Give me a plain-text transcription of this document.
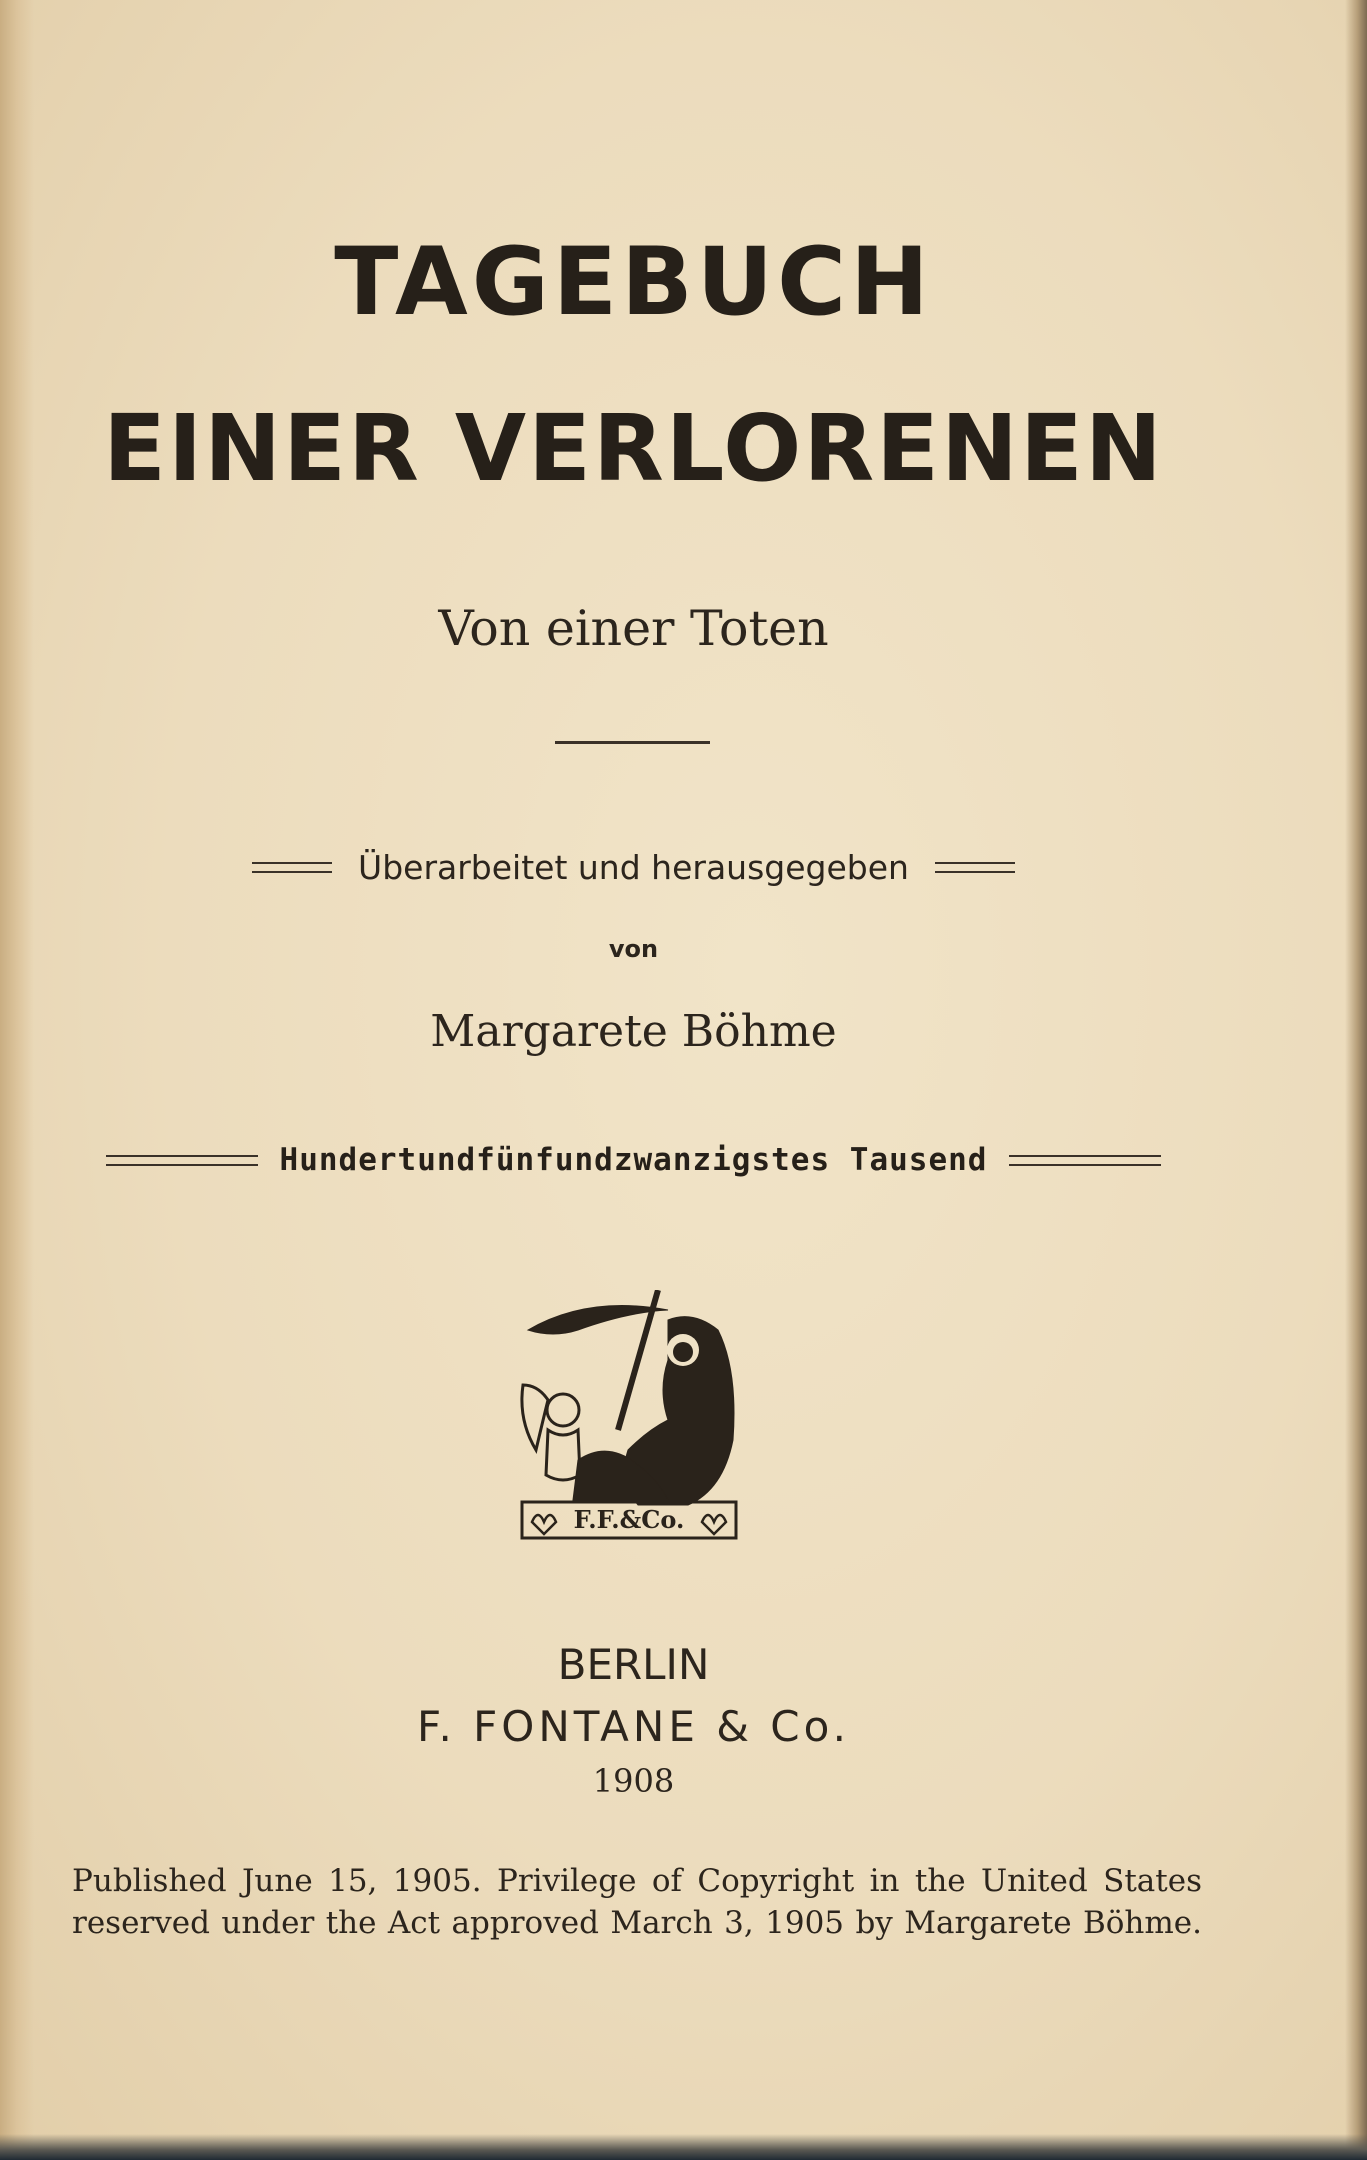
TAGEBUCH
EINER VERLORENEN
Von einer Toten
Überarbeitet und herausgegeben
von
Margarete Böhme
Hundertundfünfundzwanzigstes Tausend
F.F.&Co.
BERLIN
F. FONTANE & Co.
1908
Published June 15, 1905. Privilege of Copyright in the United States
reserved under the Act approved March 3, 1905 by Margarete Böhme.
